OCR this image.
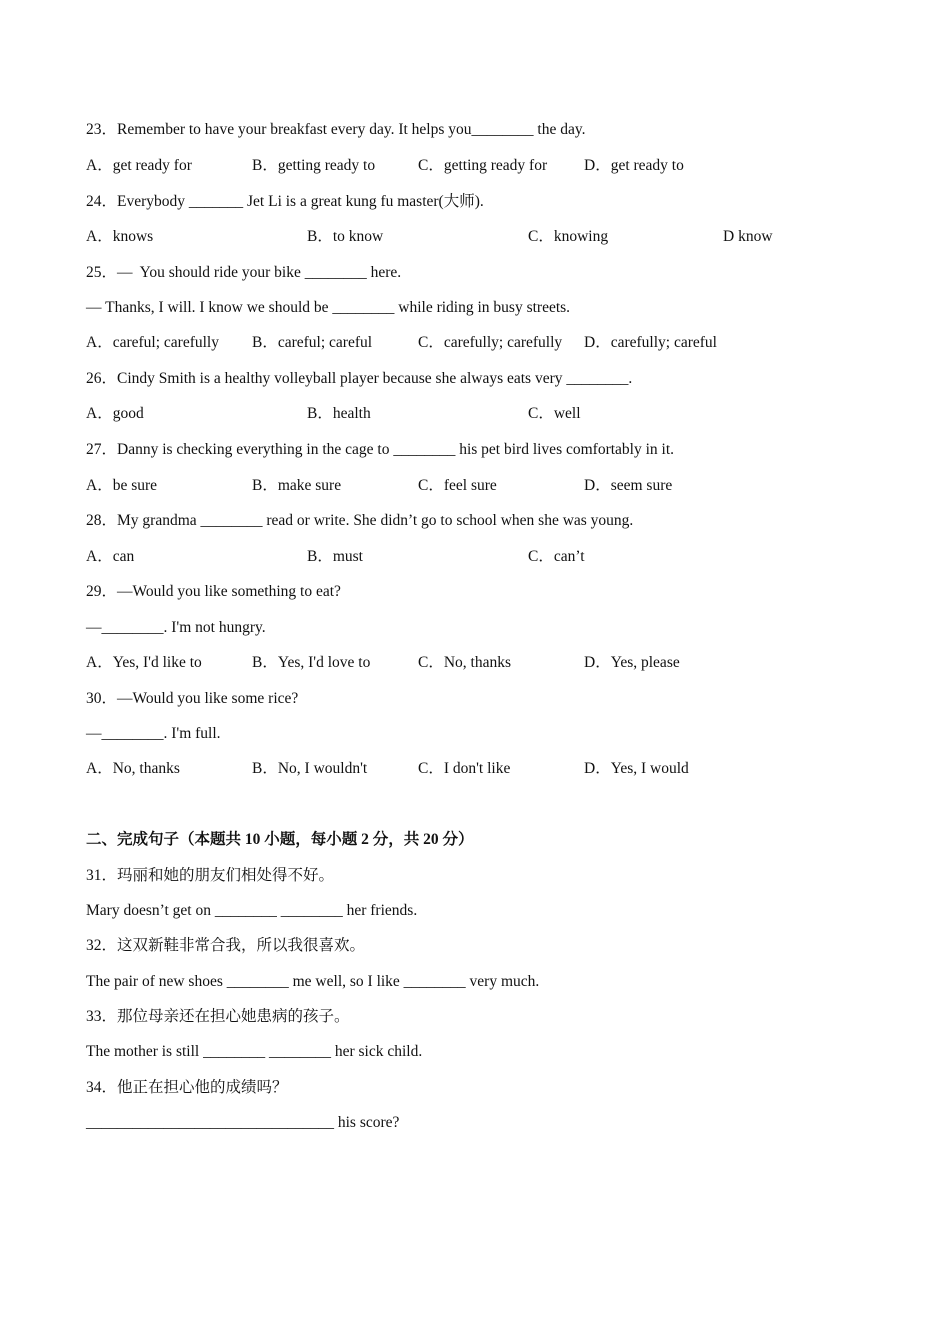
23．Remember to have your breakfast every day. It helps you________ the day.
A．get ready for	B．getting ready to	C．getting ready for D．get ready to
24．Everybody _______ Jet Li is a great kung fu master(大师).
A．knows	B．to know	C．knowing	D know
25．—  You should ride your bike ________ here.
— Thanks, I will. I know we should be ________ while riding in busy streets.
A．careful; carefully B．careful; careful	C．carefully; carefully D．carefully; careful
26．Cindy Smith is a healthy volleyball player because she always eats very ________.
A．good	B．health	C．well
27．Danny is checking everything in the cage to ________ his pet bird lives comfortably in it.
A．be sure	B．make sure	C．feel sure	D．seem sure
28．My grandma ________ read or write. She didn’t go to school when she was young.
A．can	B．must	C．can’t
29．—Would you like something to eat?
—________. I'm not hungry.
A．Yes, I'd like to	B．Yes, I'd love to	C．No, thanks	D．Yes, please
30．—Would you like some rice?
—________. I'm full.
A．No, thanks	B．No, I wouldn't	C．I don't like	D．Yes, I would
二、完成句子（本题共 10 小题，每小题 2 分，共 20 分）
31．玛丽和她的朋友们相处得不好。
Mary doesn’t get on ________ ________ her friends.
32．这双新鞋非常合我，所以我很喜欢。
The pair of new shoes ________ me well, so I like ________ very much.
33．那位母亲还在担心她患病的孩子。
The mother is still ________ ________ her sick child.
34．他正在担心他的成绩吗？
________________________________ his score?
